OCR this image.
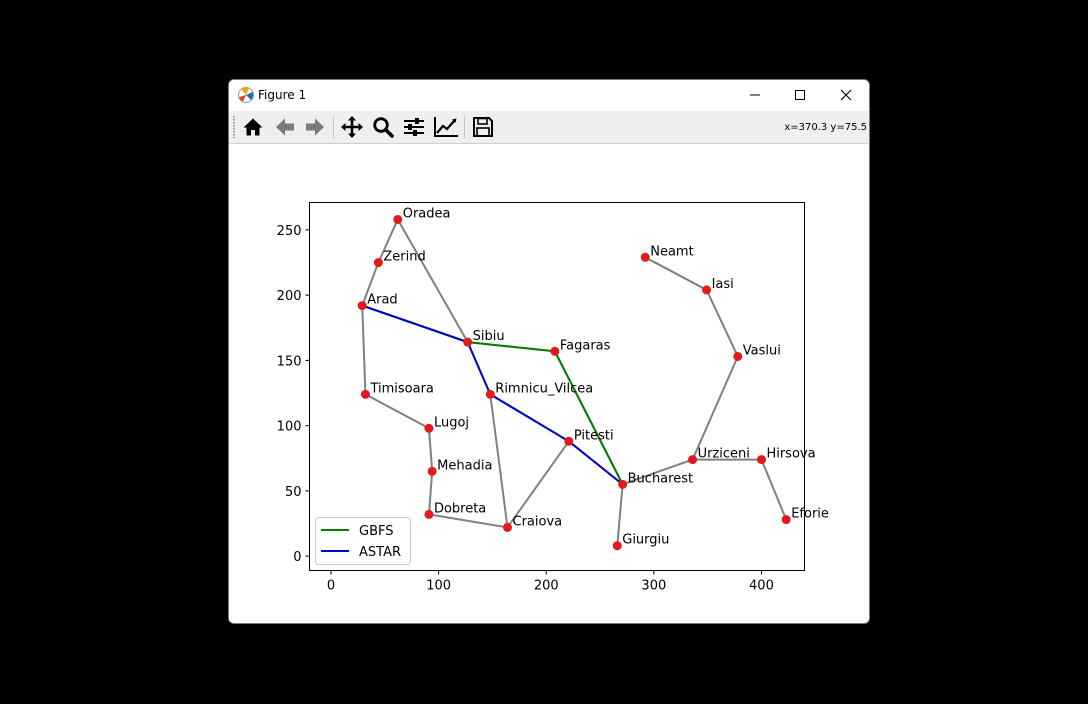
Figure 1
x=370.3 y=75.5
Oradea
Zerind
Arad
Sibiu
Fagaras
Timisoara	Rimnicu_Vilcea
Lugoj
Pitesti
Mehadia
Dobreta
Craiova
Bucharest
Giurgiu
Neamt
Iasi
Vaslui
Urziceni Hirsova
Eforie
0	100	200	300	400
0
50
100
150
200
250
GBFS
ASTAR
